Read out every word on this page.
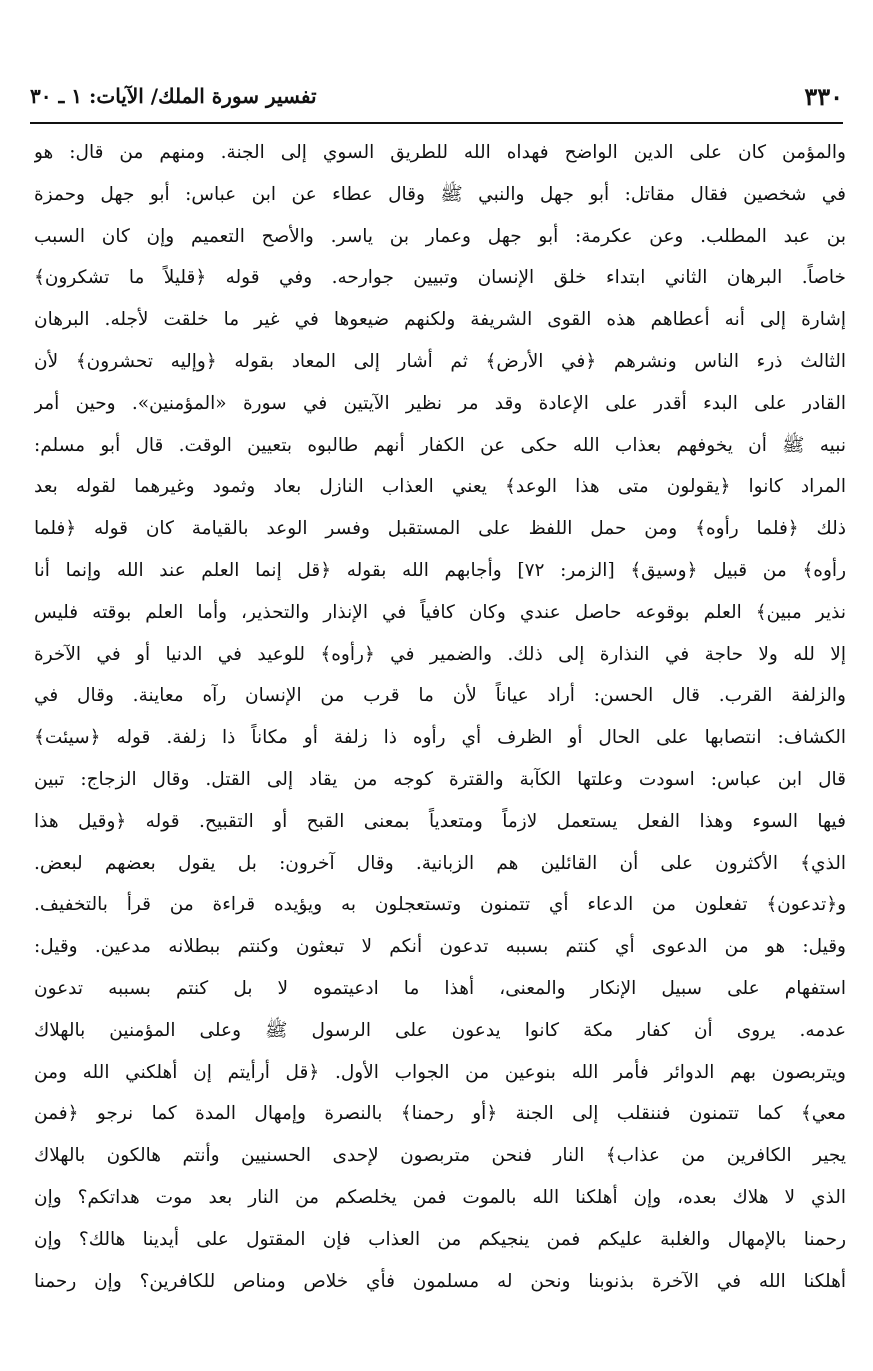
٣٣٠
تفسير سورة الملك/ الآيات: ١ ـ ٣٠
والمؤمن كان على الدين الواضح فهداه الله للطريق السوي إلى الجنة. ومنهم من قال: هو
في شخصين فقال مقاتل: أبو جهل والنبي ﷺ وقال عطاء عن ابن عباس: أبو جهل وحمزة
بن عبد المطلب. وعن عكرمة: أبو جهل وعمار بن ياسر. والأصح التعميم وإن كان السبب
خاصاً. البرهان الثاني ابتداء خلق الإنسان وتبيين جوارحه. وفي قوله ﴿قليلاً ما تشكرون﴾
إشارة إلى أنه أعطاهم هذه القوى الشريفة ولكنهم ضيعوها في غير ما خلقت لأجله. البرهان
الثالث ذرء الناس ونشرهم ﴿في الأرض﴾ ثم أشار إلى المعاد بقوله ﴿وإليه تحشرون﴾ لأن
القادر على البدء أقدر على الإعادة وقد مر نظير الآيتين في سورة «المؤمنين». وحين أمر
نبيه ﷺ أن يخوفهم بعذاب الله حكى عن الكفار أنهم طالبوه بتعيين الوقت. قال أبو مسلم:
المراد كانوا ﴿يقولون متى هذا الوعد﴾ يعني العذاب النازل بعاد وثمود وغيرهما لقوله بعد
ذلك ﴿فلما رأوه﴾ ومن حمل اللفظ على المستقبل وفسر الوعد بالقيامة كان قوله ﴿فلما
رأوه﴾ من قبيل ﴿وسيق﴾ [الزمر: ٧٢] وأجابهم الله بقوله ﴿قل إنما العلم عند الله وإنما أنا
نذير مبين﴾ العلم بوقوعه حاصل عندي وكان كافياً في الإنذار والتحذير، وأما العلم بوقته فليس
إلا لله ولا حاجة في النذارة إلى ذلك. والضمير في ﴿رأوه﴾ للوعيد في الدنيا أو في الآخرة
والزلفة القرب. قال الحسن: أراد عياناً لأن ما قرب من الإنسان رآه معاينة. وقال في
الكشاف: انتصابها على الحال أو الظرف أي رأوه ذا زلفة أو مكاناً ذا زلفة. قوله ﴿سيئت﴾
قال ابن عباس: اسودت وعلتها الكآبة والقترة كوجه من يقاد إلى القتل. وقال الزجاج: تبين
فيها السوء وهذا الفعل يستعمل لازماً ومتعدياً بمعنى القبح أو التقبيح. قوله ﴿وقيل هذا
الذي﴾ الأكثرون على أن القائلين هم الزبانية. وقال آخرون: بل يقول بعضهم لبعض.
و﴿تدعون﴾ تفعلون من الدعاء أي تتمنون وتستعجلون به ويؤيده قراءة من قرأ بالتخفيف.
وقيل: هو من الدعوى أي كنتم بسببه تدعون أنكم لا تبعثون وكنتم ببطلانه مدعين. وقيل:
استفهام على سبيل الإنكار والمعنى، أهذا ما ادعيتموه لا بل كنتم بسببه تدعون
عدمه. يروى أن كفار مكة كانوا يدعون على الرسول ﷺ وعلى المؤمنين بالهلاك
ويتربصون بهم الدوائر فأمر الله بنوعين من الجواب الأول. ﴿قل أرأيتم إن أهلكني الله ومن
معي﴾ كما تتمنون فننقلب إلى الجنة ﴿أو رحمنا﴾ بالنصرة وإمهال المدة كما نرجو ﴿فمن
يجير الكافرين من عذاب﴾ النار فنحن متربصون لإحدى الحسنيين وأنتم هالكون بالهلاك
الذي لا هلاك بعده، وإن أهلكنا الله بالموت فمن يخلصكم من النار بعد موت هداتكم؟ وإن
رحمنا بالإمهال والغلبة عليكم فمن ينجيكم من العذاب فإن المقتول على أيدينا هالك؟ وإن
أهلكنا الله في الآخرة بذنوبنا ونحن له مسلمون فأي خلاص ومناص للكافرين؟ وإن رحمنا
